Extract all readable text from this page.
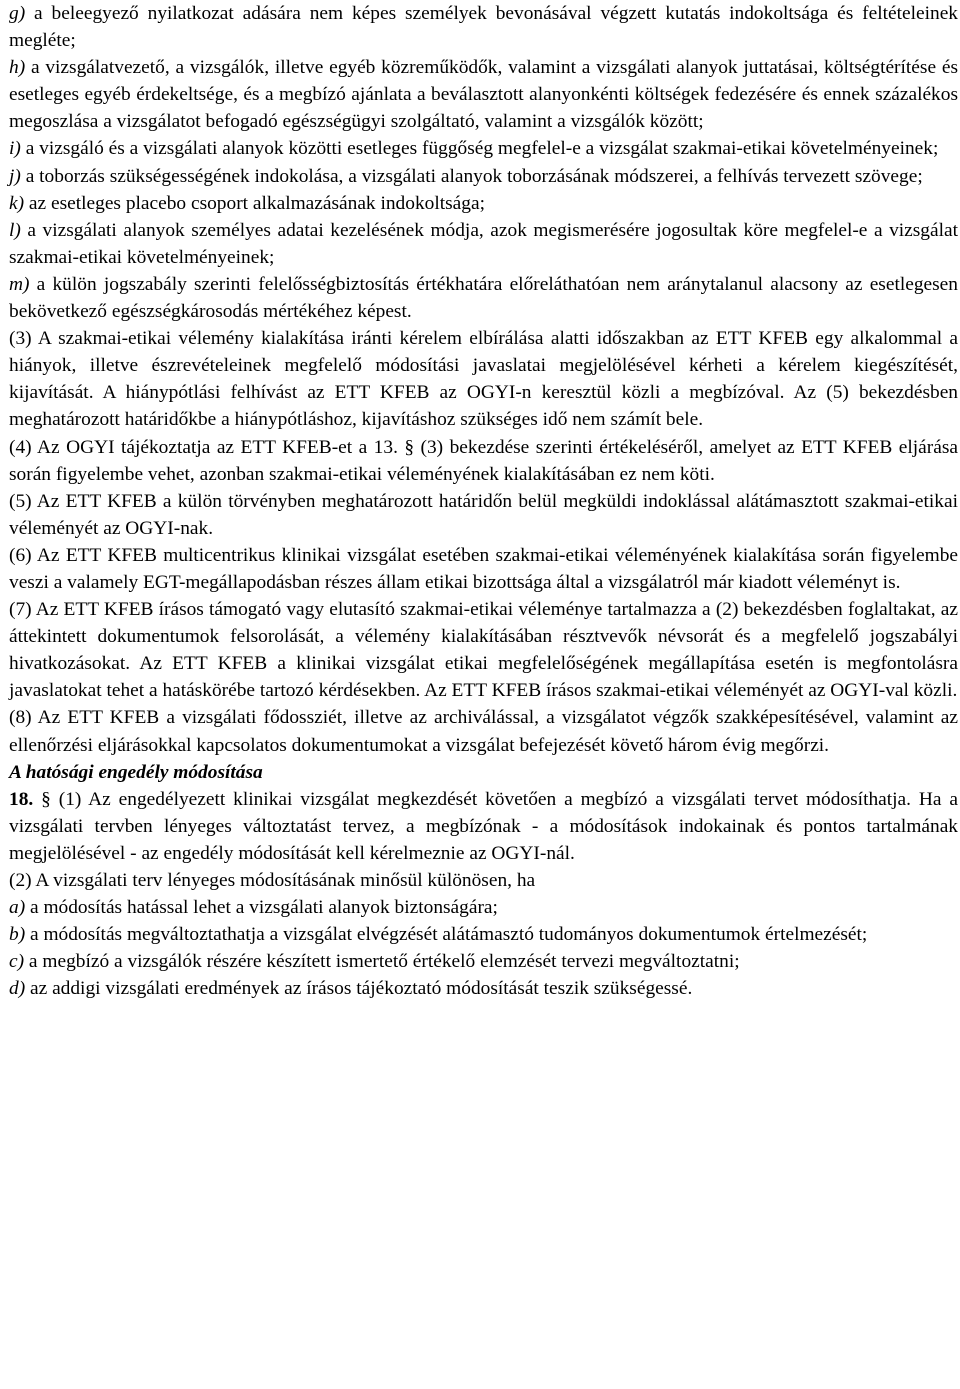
g) a beleegyező nyilatkozat adására nem képes személyek bevonásával végzett kutatás indokoltsága és feltételeinek megléte;

h) a vizsgálatvezető, a vizsgálók, illetve egyéb közreműködők, valamint a vizsgálati alanyok juttatásai, költségtérítése és esetleges egyéb érdekeltsége, és a megbízó ajánlata a beválasztott alanyonkénti költségek fedezésére és ennek százalékos megoszlása a vizsgálatot befogadó egészségügyi szolgáltató, valamint a vizsgálók között;

i) a vizsgáló és a vizsgálati alanyok közötti esetleges függőség megfelel-e a vizsgálat szakmai-etikai követelményeinek;

j) a toborzás szükségességének indokolása, a vizsgálati alanyok toborzásának módszerei, a felhívás tervezett szövege;

k) az esetleges placebo csoport alkalmazásának indokoltsága;

l) a vizsgálati alanyok személyes adatai kezelésének módja, azok megismerésére jogosultak köre megfelel-e a vizsgálat szakmai-etikai követelményeinek;

m) a külön jogszabály szerinti felelősségbiztosítás értékhatára előreláthatóan nem aránytalanul alacsony az esetlegesen bekövetkező egészségkárosodás mértékéhez képest.

(3) A szakmai-etikai vélemény kialakítása iránti kérelem elbírálása alatti időszakban az ETT KFEB egy alkalommal a hiányok, illetve észrevételeinek megfelelő módosítási javaslatai megjelölésével kérheti a kérelem kiegészítését, kijavítását. A hiánypótlási felhívást az ETT KFEB az OGYI-n keresztül közli a megbízóval. Az (5) bekezdésben meghatározott határidőkbe a hiánypótláshoz, kijavításhoz szükséges idő nem számít bele.

(4) Az OGYI tájékoztatja az ETT KFEB-et a 13. § (3) bekezdése szerinti értékeléséről, amelyet az ETT KFEB eljárása során figyelembe vehet, azonban szakmai-etikai véleményének kialakításában ez nem köti.

(5) Az ETT KFEB a külön törvényben meghatározott határidőn belül megküldi indoklással alátámasztott szakmai-etikai véleményét az OGYI-nak.

(6) Az ETT KFEB multicentrikus klinikai vizsgálat esetében szakmai-etikai véleményének kialakítása során figyelembe veszi a valamely EGT-megállapodásban részes állam etikai bizottsága által a vizsgálatról már kiadott véleményt is.

(7) Az ETT KFEB írásos támogató vagy elutasító szakmai-etikai véleménye tartalmazza a (2) bekezdésben foglaltakat, az áttekintett dokumentumok felsorolását, a vélemény kialakításában résztvevők névsorát és a megfelelő jogszabályi hivatkozásokat. Az ETT KFEB a klinikai vizsgálat etikai megfelelőségének megállapítása esetén is megfontolásra javaslatokat tehet a hatáskörébe tartozó kérdésekben. Az ETT KFEB írásos szakmai-etikai véleményét az OGYI-val közli.

(8) Az ETT KFEB a vizsgálati fődossziét, illetve az archiválással, a vizsgálatot végzők szakképesítésével, valamint az ellenőrzési eljárásokkal kapcsolatos dokumentumokat a vizsgálat befejezését követő három évig megőrzi.

A hatósági engedély módosítása

18. § (1) Az engedélyezett klinikai vizsgálat megkezdését követően a megbízó a vizsgálati tervet módosíthatja. Ha a vizsgálati tervben lényeges változtatást tervez, a megbízónak - a módosítások indokainak és pontos tartalmának megjelölésével - az engedély módosítását kell kérelmeznie az OGYI-nál.

(2) A vizsgálati terv lényeges módosításának minősül különösen, ha

a) a módosítás hatással lehet a vizsgálati alanyok biztonságára;

b) a módosítás megváltoztathatja a vizsgálat elvégzését alátámasztó tudományos dokumentumok értelmezését;

c) a megbízó a vizsgálók részére készített ismertető értékelő elemzését tervezi megváltoztatni;

d) az addigi vizsgálati eredmények az írásos tájékoztató módosítását teszik szükségessé.
